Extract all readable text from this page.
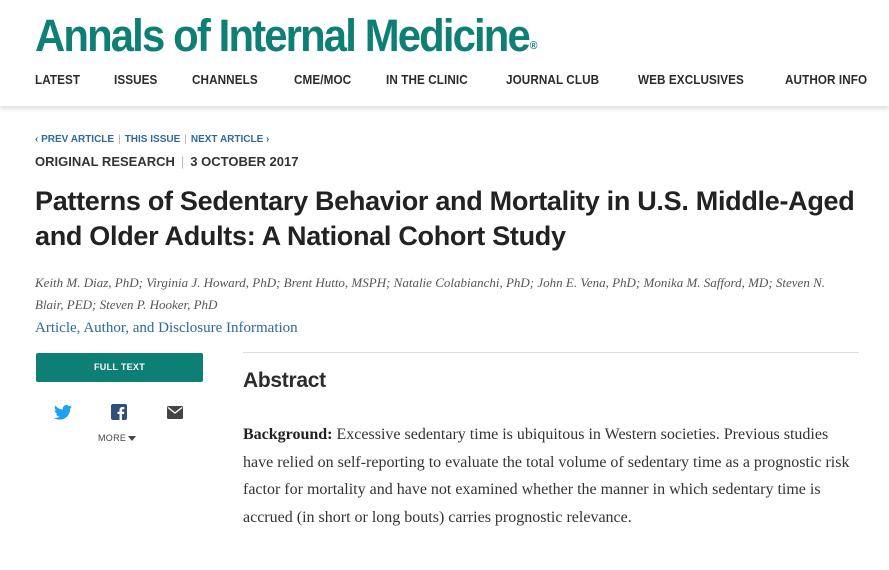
Annals of Internal Medicine®
LATEST	ISSUES	CHANNELS	CME/MOC	IN THE CLINIC	JOURNAL CLUB	WEB EXCLUSIVES	AUTHOR INFO
‹ PREV ARTICLE | THIS ISSUE | NEXT ARTICLE ›
ORIGINAL RESEARCH | 3 OCTOBER 2017
Patterns of Sedentary Behavior and Mortality in U.S. Middle-Aged and Older Adults: A National Cohort Study
Keith M. Diaz, PhD; Virginia J. Howard, PhD; Brent Hutto, MSPH; Natalie Colabianchi, PhD; John E. Vena, PhD; Monika M. Safford, MD; Steven N. Blair, PED; Steven P. Hooker, PhD
Article, Author, and Disclosure Information
FULL TEXT
MORE
Abstract

Background: Excessive sedentary time is ubiquitous in Western societies. Previous studies have relied on self-reporting to evaluate the total volume of sedentary time as a prognostic risk factor for mortality and have not examined whether the manner in which sedentary time is accrued (in short or long bouts) carries prognostic relevance.
